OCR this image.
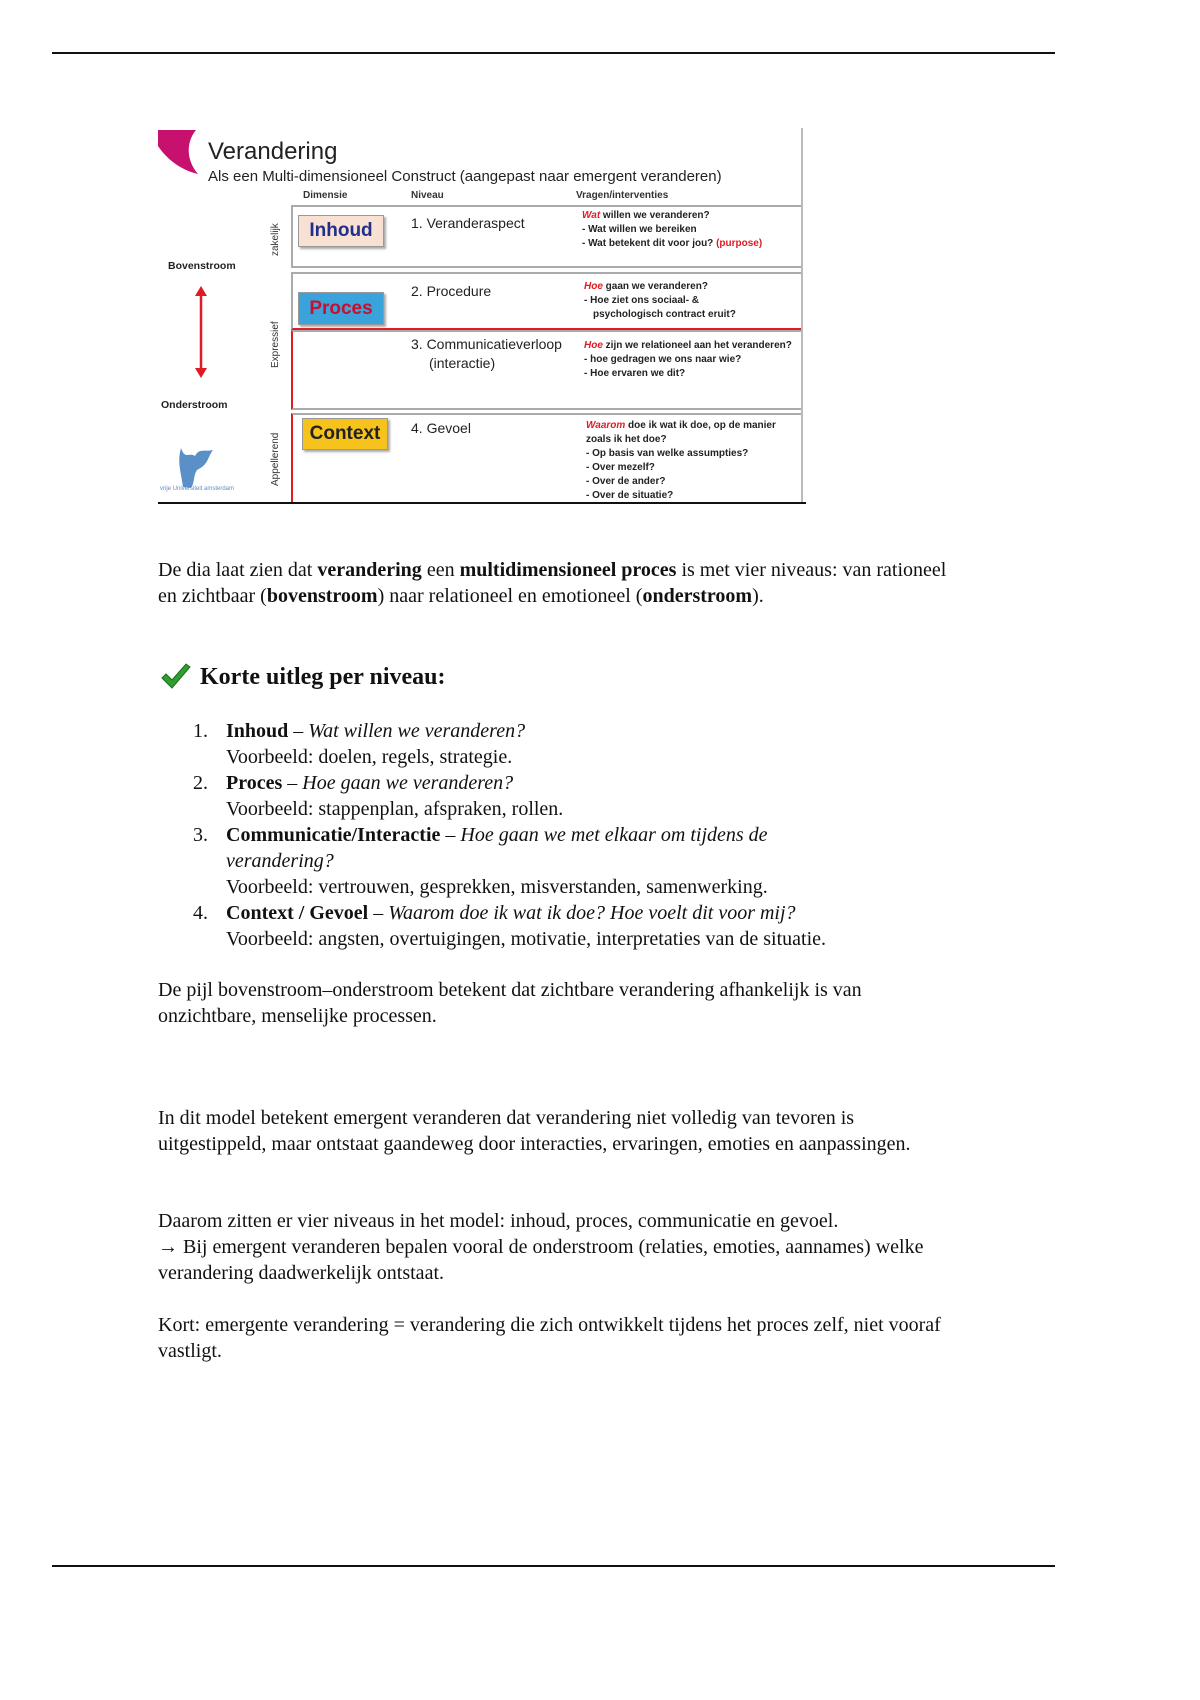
Verandering
Als een Multi-dimensioneel Construct (aangepast naar emergent veranderen)
Dimensie	Niveau	Vragen/interventies
Inhoud
Proces
Context
1. Veranderaspect
2. Procedure
3. Communicatieverloop
(interactie)
4. Gevoel
Wat willen we veranderen?
- Wat willen we bereiken
- Wat betekent dit voor jou? (purpose)
Hoe gaan we veranderen?
- Hoe ziet ons sociaal- &
psychologisch contract eruit?
Hoe zijn we relationeel aan het veranderen?
- hoe gedragen we ons naar wie?
- Hoe ervaren we dit?
Waarom doe ik wat ik doe, op de manier zoals ik het doe?
- Op basis van welke assumpties?
- Over mezelf?
- Over de ander?
- Over de situatie?
zakelijk
Expressief
Appellerend
Bovenstroom
Onderstroom
vrije Universiteit amsterdam

De dia laat zien dat verandering een multidimensioneel proces is met vier niveaus: van rationeel en zichtbaar (bovenstroom) naar relationeel en emotioneel (onderstroom).

Korte uitleg per niveau:
1. Inhoud – Wat willen we veranderen?
Voorbeeld: doelen, regels, strategie.
2. Proces – Hoe gaan we veranderen?
Voorbeeld: stappenplan, afspraken, rollen.
3. Communicatie/Interactie – Hoe gaan we met elkaar om tijdens de verandering?
Voorbeeld: vertrouwen, gesprekken, misverstanden, samenwerking.
4. Context / Gevoel – Waarom doe ik wat ik doe? Hoe voelt dit voor mij?
Voorbeeld: angsten, overtuigingen, motivatie, interpretaties van de situatie.

De pijl bovenstroom–onderstroom betekent dat zichtbare verandering afhankelijk is van onzichtbare, menselijke processen.

In dit model betekent emergent veranderen dat verandering niet volledig van tevoren is uitgestippeld, maar ontstaat gaandeweg door interacties, ervaringen, emoties en aanpassingen.

Daarom zitten er vier niveaus in het model: inhoud, proces, communicatie en gevoel.
→ Bij emergent veranderen bepalen vooral de onderstroom (relaties, emoties, aannames) welke verandering daadwerkelijk ontstaat.

Kort: emergente verandering = verandering die zich ontwikkelt tijdens het proces zelf, niet vooraf vastligt.
